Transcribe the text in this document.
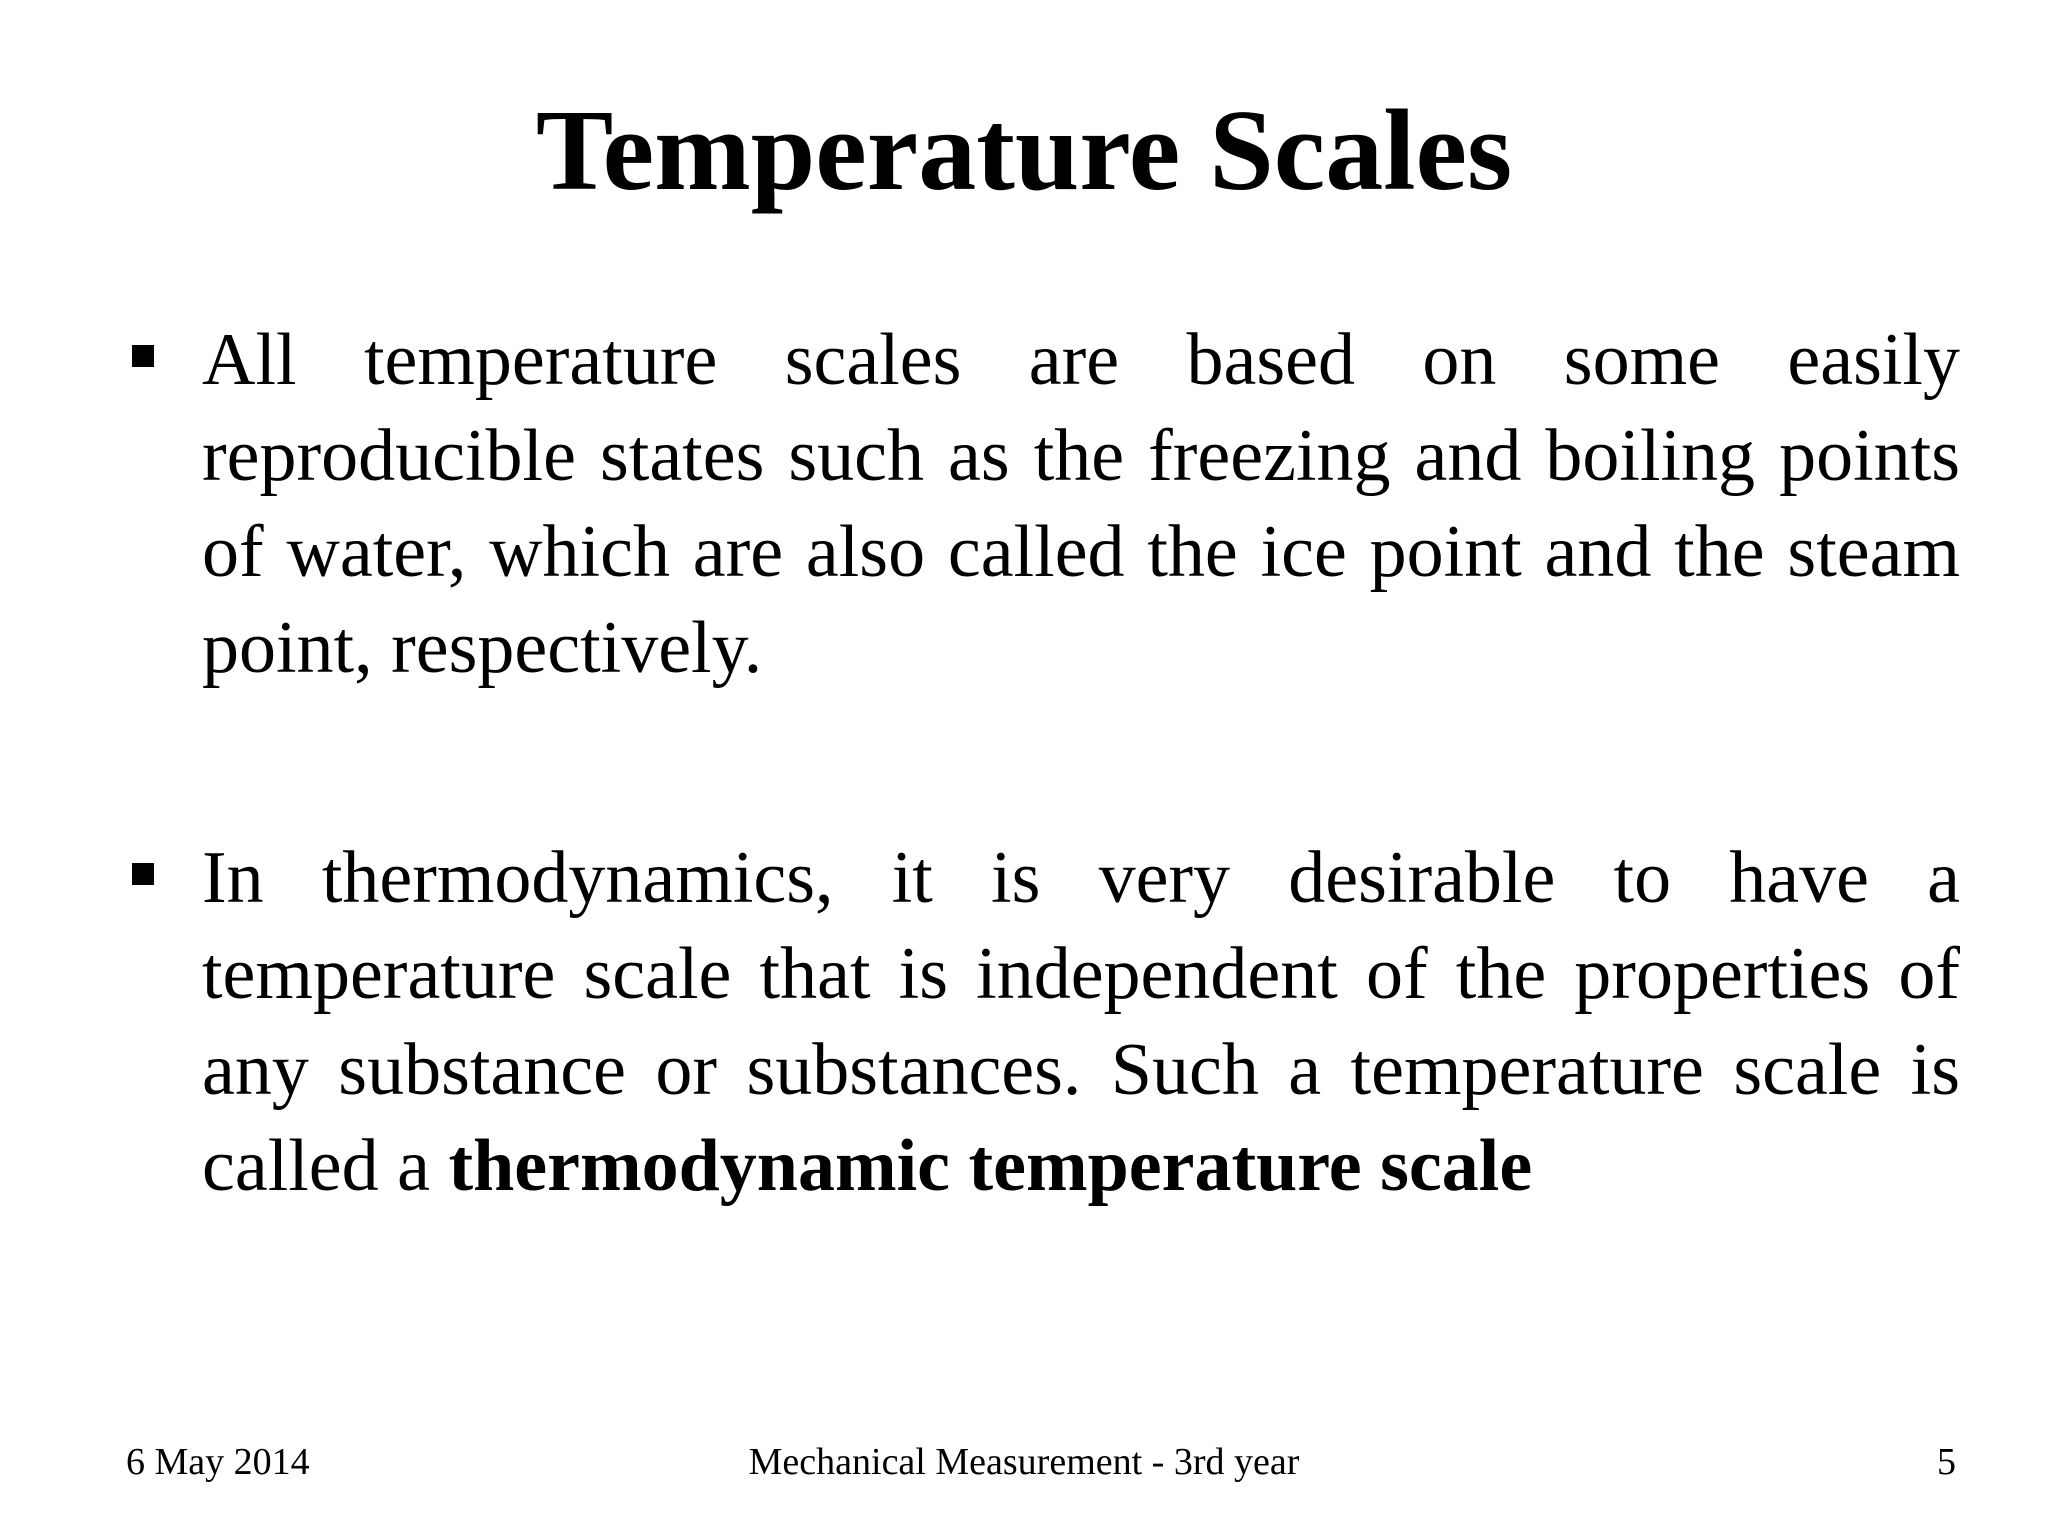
Temperature Scales
All temperature scales are based on some easily reproducible states such as the freezing and boiling points of water, which are also called the ice point and the steam point, respectively.
In thermodynamics, it is very desirable to have a temperature scale that is independent of the properties of any substance or substances. Such a temperature scale is called a thermodynamic temperature scale
6 May 2014	Mechanical Measurement - 3rd year	5
